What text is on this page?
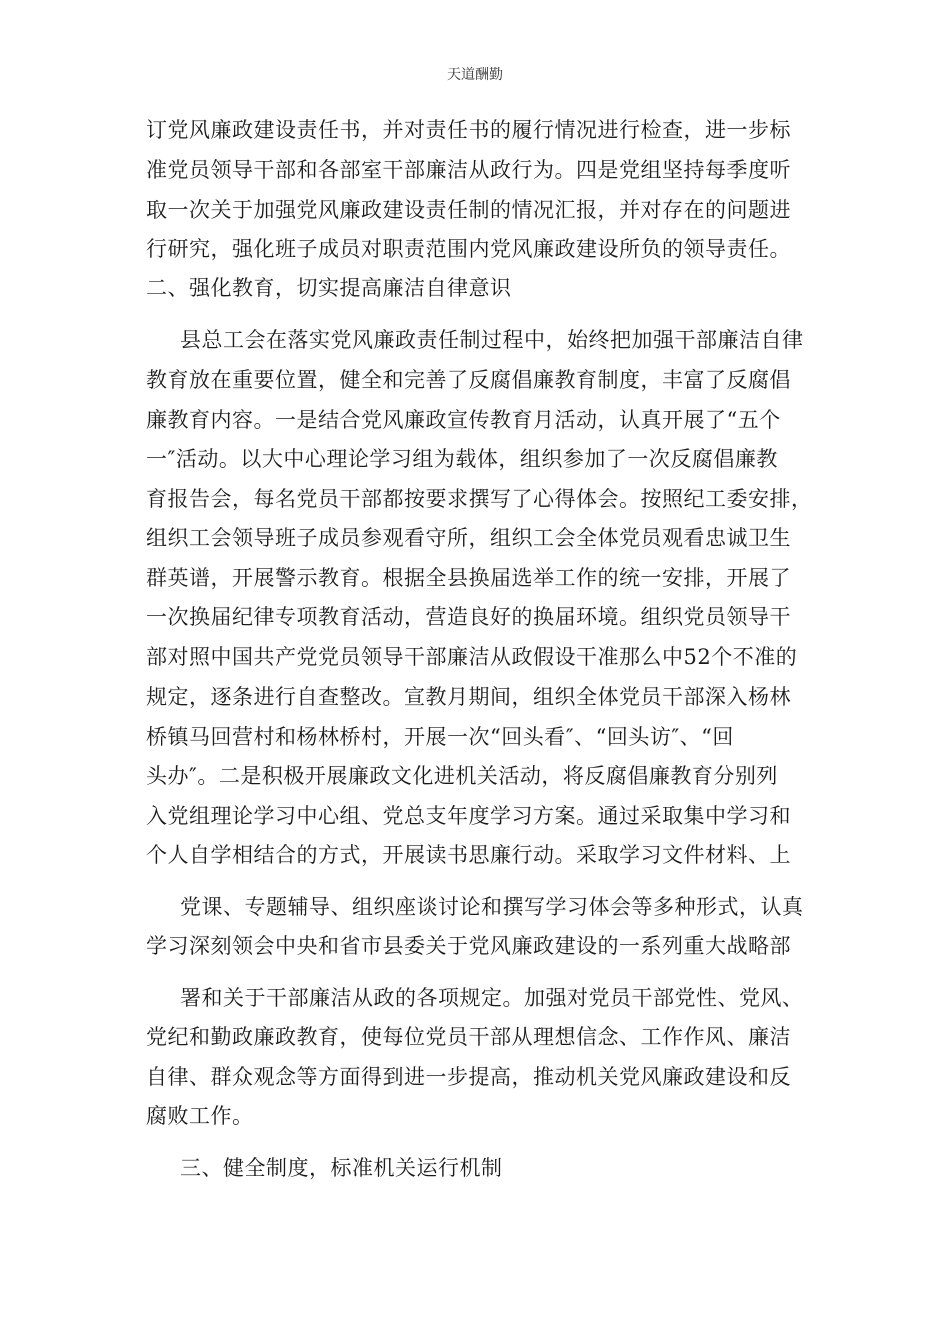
天道酬勤
订党风廉政建设责任书，并对责任书的履行情况进行检查，进一步标
准党员领导干部和各部室干部廉洁从政行为。四是党组坚持每季度听
取一次关于加强党风廉政建设责任制的情况汇报，并对存在的问题进
行研究，强化班子成员对职责范围内党风廉政建设所负的领导责任。
二、强化教育，切实提高廉洁自律意识
县总工会在落实党风廉政责任制过程中，始终把加强干部廉洁自律
教育放在重要位置，健全和完善了反腐倡廉教育制度，丰富了反腐倡
廉教育内容。一是结合党风廉政宣传教育月活动，认真开展了“五个
一″活动。以大中心理论学习组为载体，组织参加了一次反腐倡廉教
育报告会，每名党员干部都按要求撰写了心得体会。按照纪工委安排，
组织工会领导班子成员参观看守所，组织工会全体党员观看忠诚卫生
群英谱，开展警示教育。根据全县换届选举工作的统一安排，开展了
一次换届纪律专项教育活动，营造良好的换届环境。组织党员领导干
部对照中国共产党党员领导干部廉洁从政假设干准那么中52个不准的
规定，逐条进行自查整改。宣教月期间，组织全体党员干部深入杨林
桥镇马回营村和杨林桥村，开展一次“回头看″、“回头访″、“回
头办″。二是积极开展廉政文化进机关活动，将反腐倡廉教育分别列
入党组理论学习中心组、党总支年度学习方案。通过采取集中学习和
个人自学相结合的方式，开展读书思廉行动。采取学习文件材料、上
党课、专题辅导、组织座谈讨论和撰写学习体会等多种形式，认真
学习深刻领会中央和省市县委关于党风廉政建设的一系列重大战略部
署和关于干部廉洁从政的各项规定。加强对党员干部党性、党风、
党纪和勤政廉政教育，使每位党员干部从理想信念、工作作风、廉洁
自律、群众观念等方面得到进一步提高，推动机关党风廉政建设和反
腐败工作。
三、健全制度，标准机关运行机制
